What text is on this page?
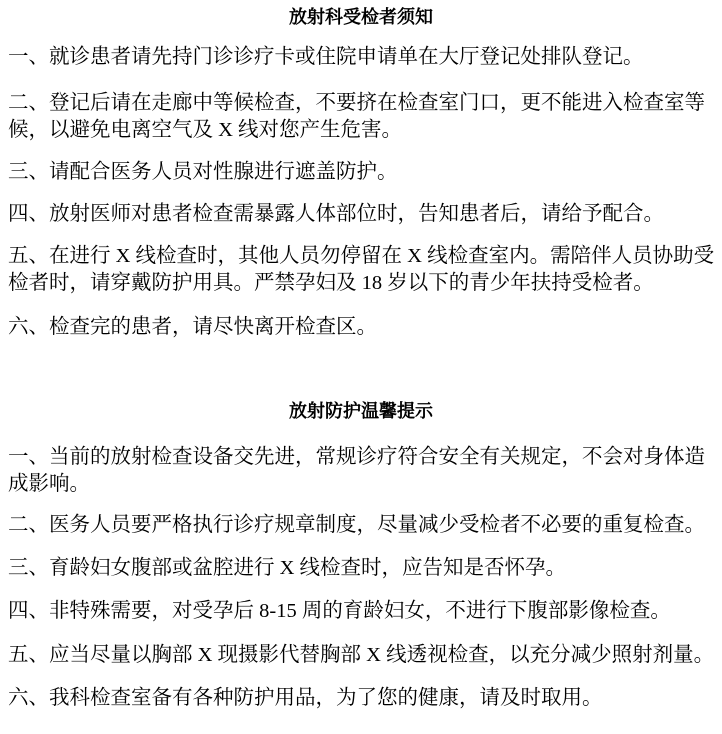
放射科受检者须知
一、就诊患者请先持门诊诊疗卡或住院申请单在大厅登记处排队登记。
二、登记后请在走廊中等候检查，不要挤在检查室门口，更不能进入检查室等
候，以避免电离空气及 X 线对您产生危害。
三、请配合医务人员对性腺进行遮盖防护。
四、放射医师对患者检查需暴露人体部位时，告知患者后，请给予配合。
五、在进行 X 线检查时，其他人员勿停留在 X 线检查室内。需陪伴人员协助受
检者时，请穿戴防护用具。严禁孕妇及 18 岁以下的青少年扶持受检者。
六、检查完的患者，请尽快离开检查区。
放射防护温馨提示
一、当前的放射检查设备交先进，常规诊疗符合安全有关规定，不会对身体造
成影响。
二、医务人员要严格执行诊疗规章制度，尽量减少受检者不必要的重复检查。
三、育龄妇女腹部或盆腔进行 X 线检查时，应告知是否怀孕。
四、非特殊需要，对受孕后 8-15 周的育龄妇女，不进行下腹部影像检查。
五、应当尽量以胸部 X 现摄影代替胸部 X 线透视检查，以充分减少照射剂量。
六、我科检查室备有各种防护用品，为了您的健康，请及时取用。
